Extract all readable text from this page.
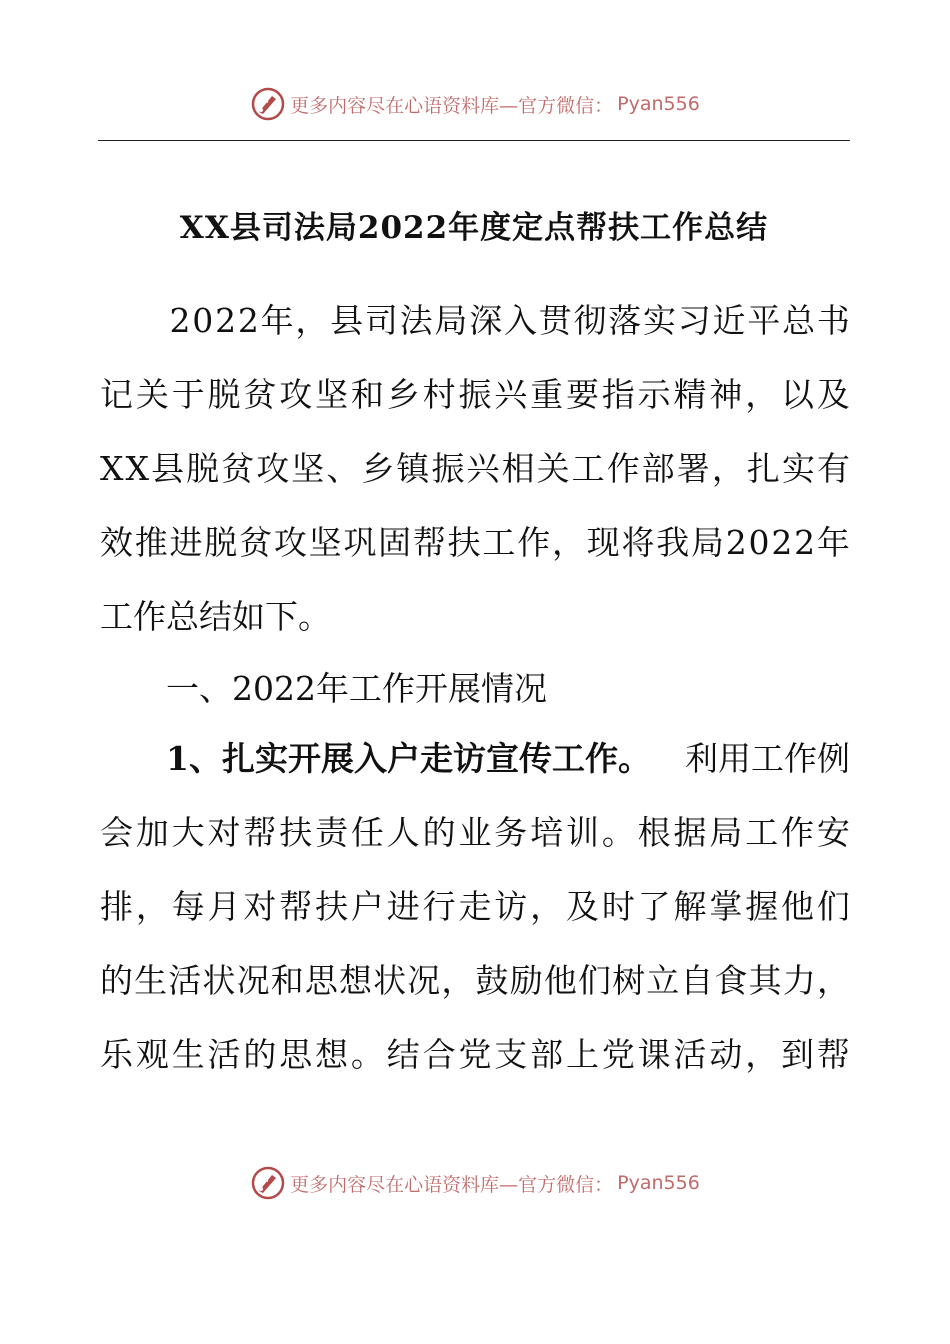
更多内容尽在心语资料库—官方微信： Pyan556
XX县司法局2022年度定点帮扶工作总结

2 0 2 2 年 ， 县 司 法 局 深 入 贯 彻 落 实 习 近 平 总 书
记 关 于 脱 贫 攻 坚 和 乡 村 振 兴 重 要 指 示 精 神 ， 以 及
X X 县 脱 贫 攻 坚 、 乡 镇 振 兴 相 关 工 作 部 署 ， 扎 实 有
效 推 进 脱 贫 攻 坚 巩 固 帮 扶 工 作 ， 现 将 我 局 2 0 2 2 年
工作总结如下。
　　一、2022年工作开展情况
　　1、扎实开展入户走访宣传工作。 利用工作例
会 加 大 对 帮 扶 责 任 人 的 业 务 培 训 。 根 据 局 工 作 安
排 ， 每 月 对 帮 扶 户 进 行 走 访 ， 及 时 了 解 掌 握 他 们
的 生 活 状 况 和 思 想 状 况 ， 鼓 励 他 们 树 立 自 食 其 力 ，
乐 观 生 活 的 思 想 。 结 合 党 支 部 上 党 课 活 动 ， 到 帮
更多内容尽在心语资料库—官方微信： Pyan556
